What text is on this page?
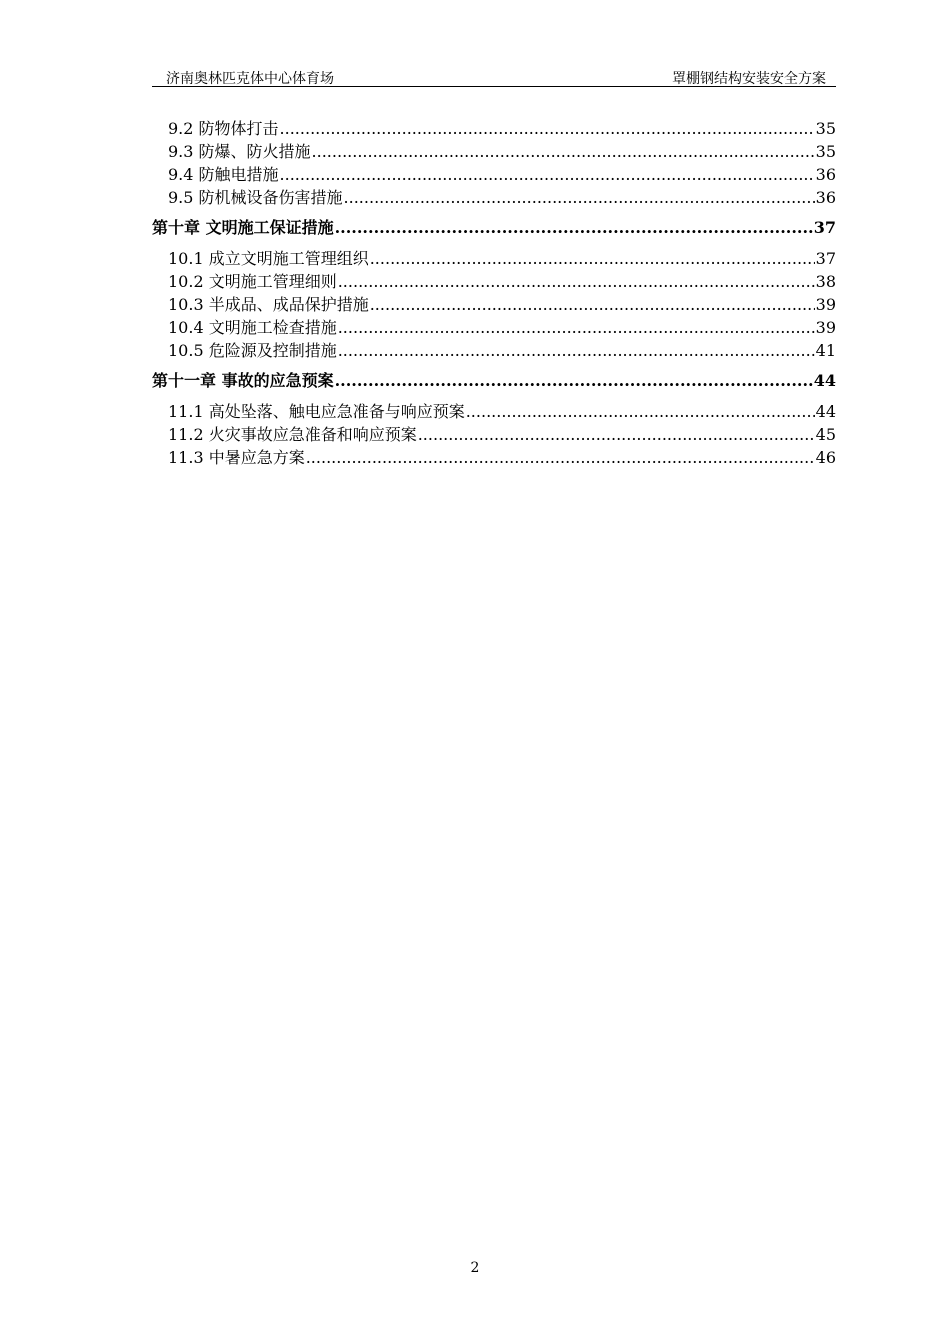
济南奥林匹克体中心体育场	罩棚钢结构安装安全方案
9.2 防物体打击 .....	35
9.3 防爆、防火措施 .....	35
9.4 防触电措施 .....	36
9.5 防机械设备伤害措施 .....	36
第十章 文明施工保证措施 .....	37
10.1 成立文明施工管理组织 .....	37
10.2 文明施工管理细则 .....	38
10.3 半成品、成品保护措施 .....	39
10.4 文明施工检查措施 .....	39
10.5 危险源及控制措施 .....	41
第十一章 事故的应急预案 .....	44
11.1 高处坠落、触电应急准备与响应预案 .....	44
11.2 火灾事故应急准备和响应预案 .....	45
11.3 中暑应急方案 .....	46
2
